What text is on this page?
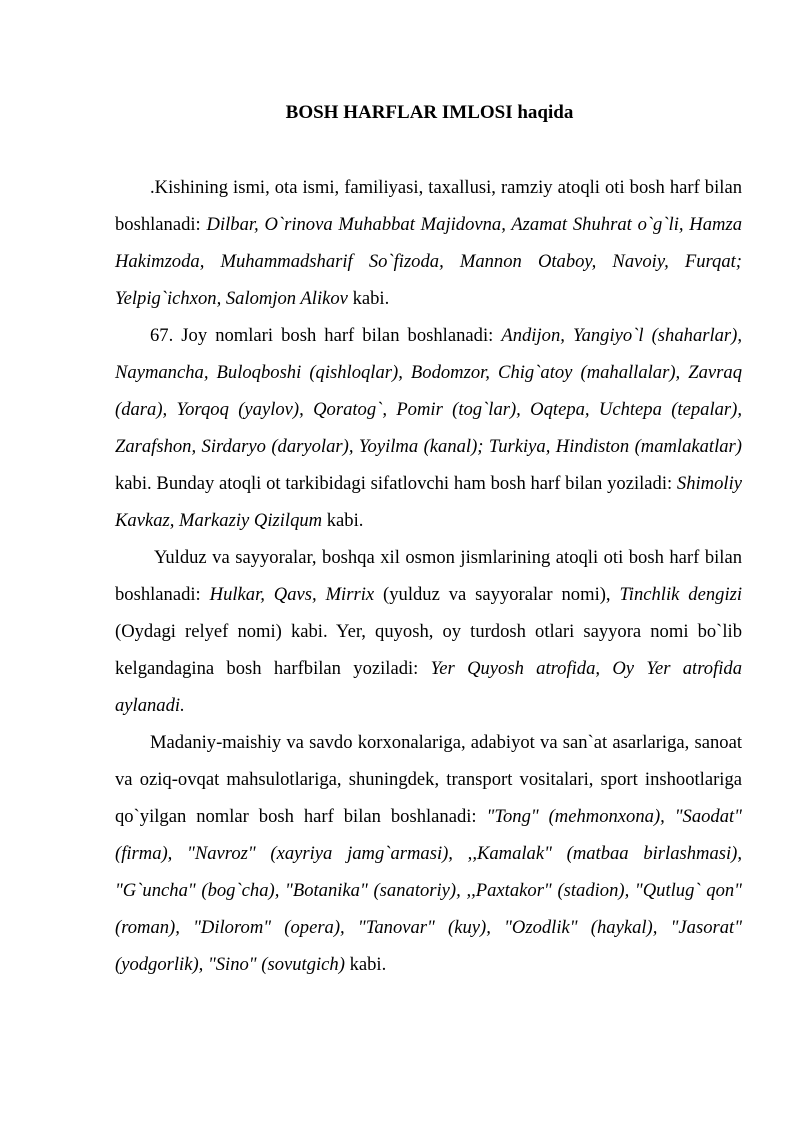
BOSH HARFLAR IMLOSI haqida

.Kishining ismi, ota ismi, familiyasi, taxallusi, ramziy atoqli oti bosh harf bilan boshlanadi: Dilbar, O`rinova Muhabbat Majidovna, Azamat Shuhrat o`g`li, Hamza Hakimzoda, Muhammadsharif So`fizoda, Mannon Otaboy, Navoiy, Furqat; Yelpig`ichxon, Salomjon Alikov kabi.

67. Joy nomlari bosh harf bilan boshlanadi: Andijon, Yangiyo`l (shaharlar), Naymancha, Buloqboshi (qishloqlar), Bodomzor, Chig`atoy (mahallalar), Zavraq (dara), Yorqoq (yaylov), Qoratog`, Pomir (tog`lar), Oqtepa, Uchtepa (tepalar), Zarafshon, Sirdaryo (daryolar), Yoyilma (kanal); Turkiya, Hindiston (mamlakatlar) kabi. Bunday atoqli ot tarkibidagi sifatlovchi ham bosh harf bilan yoziladi: Shimoliy Kavkaz, Markaziy Qizilqum kabi.

Yulduz va sayyoralar, boshqa xil osmon jismlarining atoqli oti bosh harf bilan boshlanadi: Hulkar, Qavs, Mirrix (yulduz va sayyoralar nomi), Tinchlik dengizi (Oydagi relyef nomi) kabi. Yer, quyosh, oy turdosh otlari sayyora nomi bo`lib kelgandagina bosh harfbilan yoziladi: Yer Quyosh atrofida, Oy Yer atrofida aylanadi.

Madaniy-maishiy va savdo korxonalariga, adabiyot va san`at asarlariga, sanoat va oziq-ovqat mahsulotlariga, shuningdek, transport vositalari, sport inshootlariga qo`yilgan nomlar bosh harf bilan boshlanadi: "Tong" (mehmonxona), "Saodat" (firma), "Navroz" (xayriya jamg`armasi), ,,Kamalak" (matbaa birlashmasi), "G`uncha" (bog`cha), "Botanika" (sanatoriy), ,,Paxtakor" (stadion), "Qutlug` qon" (roman), "Dilorom" (opera), "Tanovar" (kuy), "Ozodlik" (haykal), "Jasorat" (yodgorlik), "Sino" (sovutgich) kabi.
